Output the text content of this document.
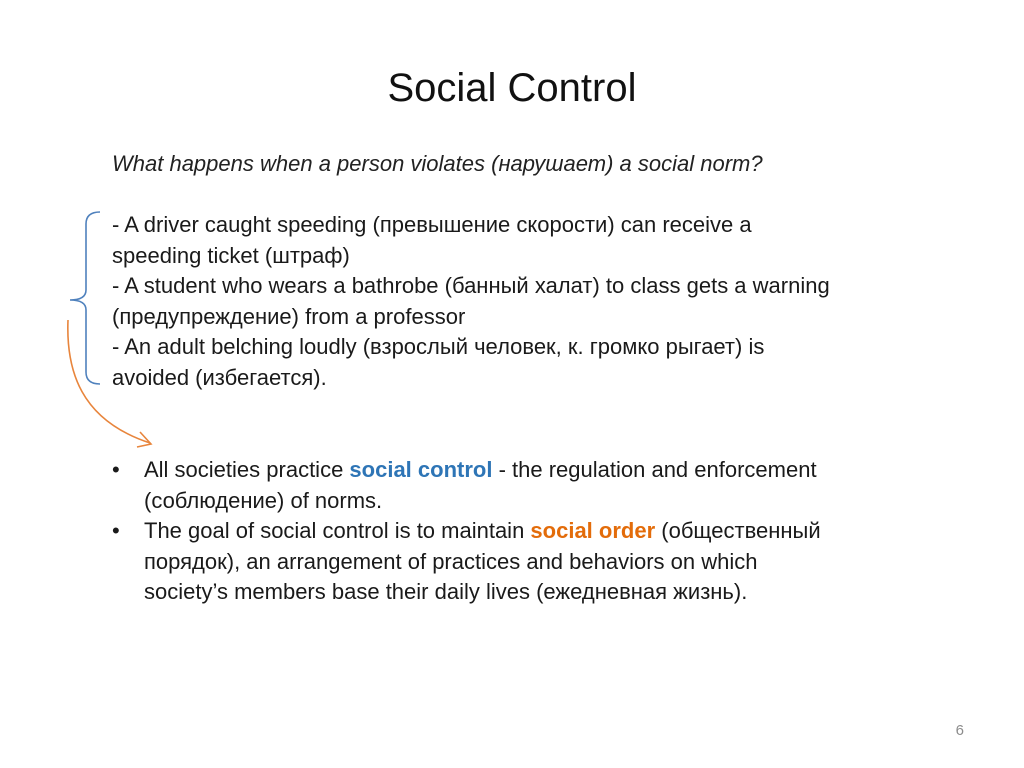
Social Control
What happens when a person violates (нарушает) a social norm?
- A driver caught speeding (превышение скорости) can receive a
speeding ticket (штраф)
- A student who wears a bathrobe (банный халат) to class gets a warning
(предупреждение) from a professor
- An adult belching loudly (взрослый человек, к. громко рыгает) is
avoided (избегается).
•	All societies practice social control - the regulation and enforcement
(соблюдение) of norms.
•	The goal of social control is to maintain social order (общественный
порядок), an arrangement of practices and behaviors on which
society’s members base their daily lives (ежедневная жизнь).
6
